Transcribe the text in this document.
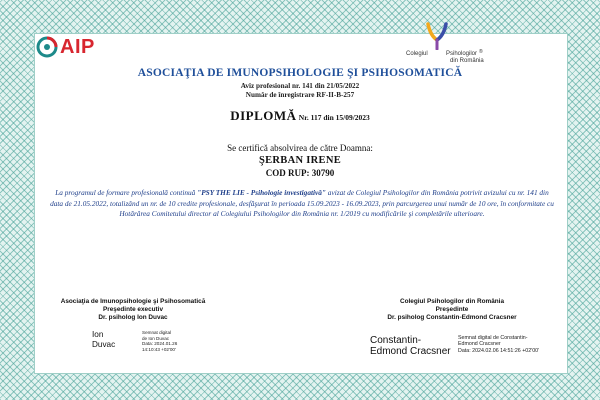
AIP	Colegiul	Psihologilor ®
din România
ASOCIAŢIA DE IMUNOPSIHOLOGIE ŞI PSIHOSOMATICĂ
Aviz profesional nr. 141 din 21/05/2022
Număr de înregistrare RF-II-B-257
DIPLOMĂ Nr. 117 din 15/09/2023
Se certifică absolvirea de către Doamna:
ŞERBAN IRENE
COD RUP: 30790
La programul de formare profesională continuă "PSY THE LIE - Psihologie investigativă" avizat de Colegiul Psihologilor din România potrivit avizului cu nr. 141 din data de 21.05.2022, totalizând un nr. de 10 credite profesionale, desfăşurat în perioada 15.09.2023 - 16.09.2023, prin parcurgerea unui număr de 10 ore, în conformitate cu Hotărârea Comitetului director al Colegiului Psihologilor din România nr. 1/2019 cu modificările şi completările ulterioare.
Asociaţia de Imunopsihologie şi Psihosomatică
Preşedinte executiv
Dr. psiholog Ion Duvac
Ion
Duvac
Semnat digital
de Ion Duvac
Data: 2024.01.26
14:10:43 +02'00'
Colegiul Psihologilor din România
Preşedinte
Dr. psiholog Constantin-Edmond Cracsner
Constantin-
Edmond Cracsner
Semnat digital de Constantin-
Edmond Cracsner
Data: 2024.02.06 14:51:26 +02'00'
